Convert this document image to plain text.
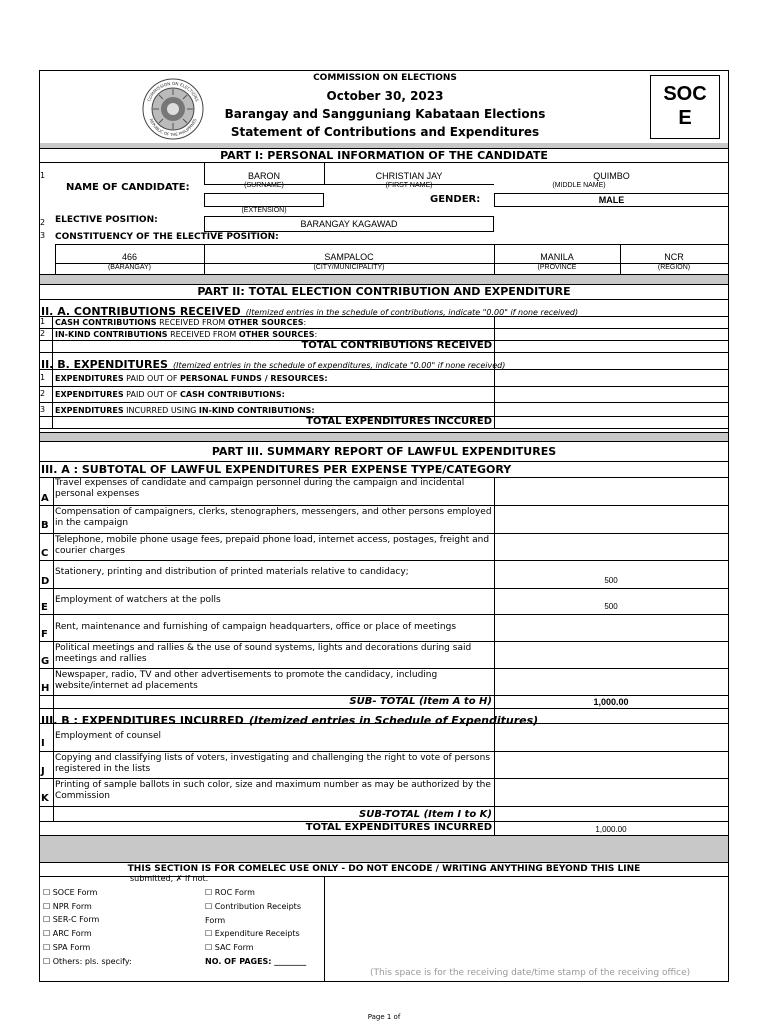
COMMISSION ON ELECTIONS
REPUBLIC OF THE PHILIPPINES
COMMISSION ON ELECTIONS
October 30, 2023
Barangay and Sangguniang Kabataan Elections
Statement of Contributions and Expenditures
SOC E
PART I: PERSONAL INFORMATION OF THE CANDIDATE
1
NAME OF CANDIDATE:
BARON
(SURNAME)
CHRISTIAN JAY
(FIRST NAME)
QUIMBO
(MIDDLE NAME)
(EXTENSION)
GENDER:	MALE
2 ELECTIVE POSITION:	BARANGAY KAGAWAD
3 CONSTITUENCY OF THE ELECTIVE POSITION:
466	SAMPALOC	MANILA	NCR
(BARANGAY)	(CITY/MUNICIPALITY)	(PROVINCE	(REGION)
PART II: TOTAL ELECTION CONTRIBUTION AND EXPENDITURE
II. A. CONTRIBUTIONS RECEIVED (Itemized entries in the schedule of contributions, indicate "0.00" if none received)
1 CASH CONTRIBUTIONS RECEIVED FROM OTHER SOURCES:
2 IN-KIND CONTRIBUTIONS RECEIVED FROM OTHER SOURCES:
TOTAL CONTRIBUTIONS RECEIVED
II. B. EXPENDITURES (Itemized entries in the schedule of expenditures, indicate "0.00" if none received)
1 EXPENDITURES PAID OUT OF PERSONAL FUNDS / RESOURCES:
2 EXPENDITURES PAID OUT OF CASH CONTRIBUTIONS:
3 EXPENDITURES INCURRED USING IN-KIND CONTRIBUTIONS:
TOTAL EXPENDITURES INCCURED
PART III. SUMMARY REPORT OF LAWFUL EXPENDITURES
III. A : SUBTOTAL OF LAWFUL EXPENDITURES PER EXPENSE TYPE/CATEGORY
A
Travel expenses of candidate and campaign personnel during the campaign and incidental personal expenses
B
Compensation of campaigners, clerks, stenographers, messengers, and other persons employed in the campaign
C
Telephone, mobile phone usage fees, prepaid phone load, internet access, postages, freight and courier charges
D
Stationery, printing and distribution of printed materials relative to candidacy;
500
E
Employment of watchers at the polls
500
F
Rent, maintenance and furnishing of campaign headquarters, office or place of meetings
G
Political meetings and rallies & the use of sound systems, lights and decorations during said meetings and rallies
H
Newspaper, radio, TV and other advertisements to promote the candidacy, including website/internet ad placements
SUB- TOTAL (Item A to H)	1,000.00
III. B : EXPENDITURES INCURRED (Itemized entries in Schedule of Expenditures)
I
Employment of counsel
J
Copying and classifying lists of voters, investigating and challenging the right to vote of persons registered in the lists
K
Printing of sample ballots in such color, size and maximum number as may be authorized by the Commission
SUB-TOTAL (Item I to K)
TOTAL EXPENDITURES INCURRED	1,000.00
THIS SECTION IS FOR COMELEC USE ONLY - DO NOT ENCODE / WRITING ANYTHING BEYOND THIS LINE
submitted, ✗ if not.
☐ SOCE Form
☐ NPR Form
☐ SER-C Form
☐ ARC Form
☐ SPA Form
☐ Others: pls. specify:
☐ ROC Form
☐ Contribution Receipts
Form
☐ Expenditure Receipts
☐ SAC Form
NO. OF PAGES: ________
(This space is for the receiving date/time stamp of the receiving office)
Page 1 of
